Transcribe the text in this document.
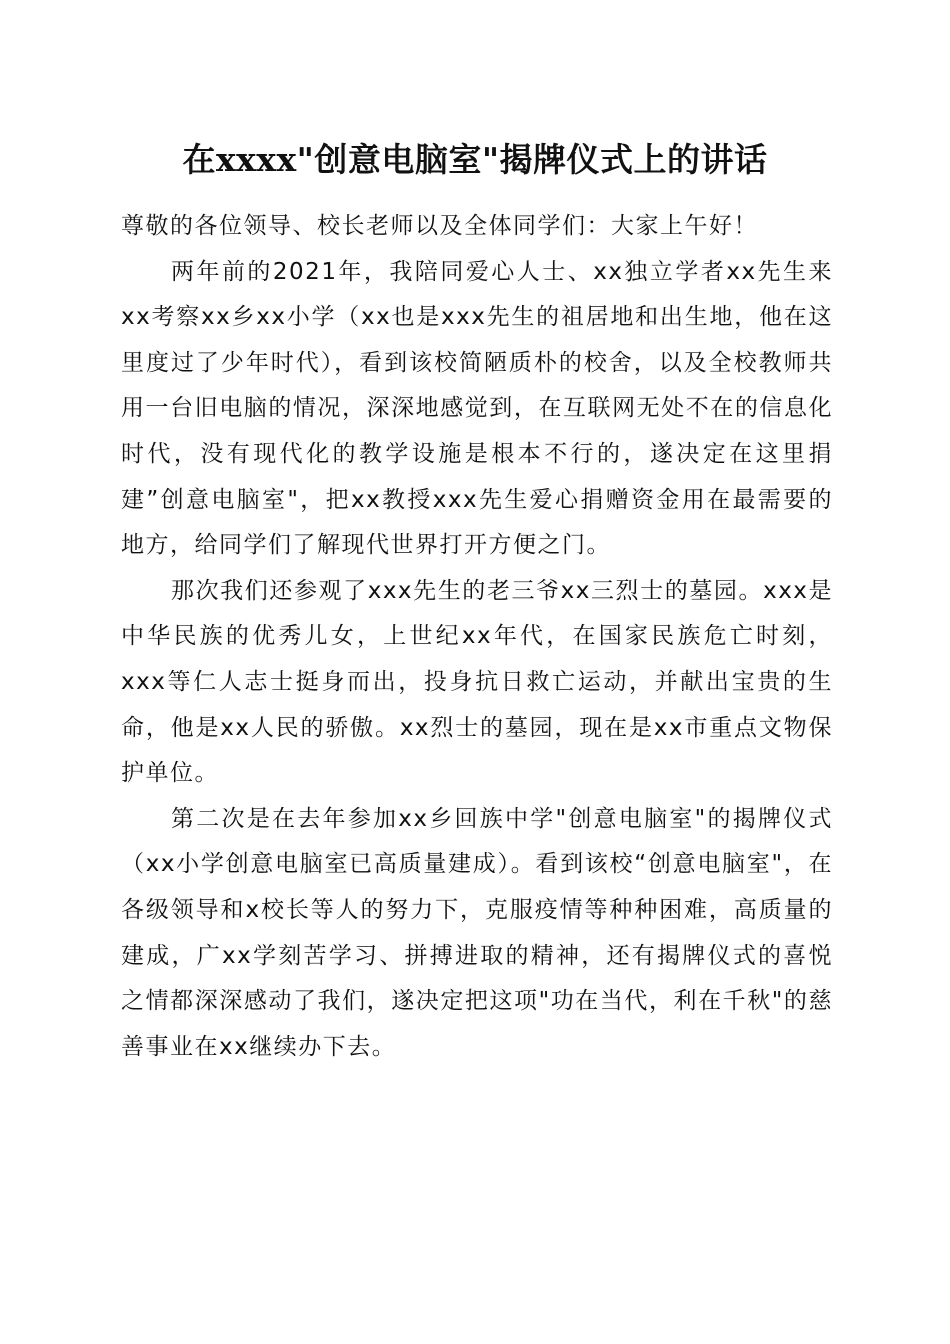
在xxxx"创意电脑室"揭牌仪式上的讲话

尊敬的各位领导、校长老师以及全体同学们：大家上午好！

两年前的2021年，我陪同爱心人士、xx独立学者xx先生来xx考察xx乡xx小学（xx也是xxx先生的祖居地和出生地，他在这里度过了少年时代），看到该校简陋质朴的校舍，以及全校教师共用一台旧电脑的情况，深深地感觉到，在互联网无处不在的信息化时代，没有现代化的教学设施是根本不行的，遂决定在这里捐建”创意电脑室"，把xx教授xxx先生爱心捐赠资金用在最需要的地方，给同学们了解现代世界打开方便之门。

那次我们还参观了xxx先生的老三爷xx三烈士的墓园。xxx是中华民族的优秀儿女，上世纪xx年代，在国家民族危亡时刻，xxx等仁人志士挺身而出，投身抗日救亡运动，并献出宝贵的生命，他是xx人民的骄傲。xx烈士的墓园，现在是xx市重点文物保护单位。

第二次是在去年参加xx乡回族中学"创意电脑室"的揭牌仪式（xx小学创意电脑室已高质量建成）。看到该校“创意电脑室"，在各级领导和x校长等人的努力下，克服疫情等种种困难，高质量的建成，广xx学刻苦学习、拼搏进取的精神，还有揭牌仪式的喜悦之情都深深感动了我们，遂决定把这项"功在当代，利在千秋"的慈善事业在xx继续办下去。
